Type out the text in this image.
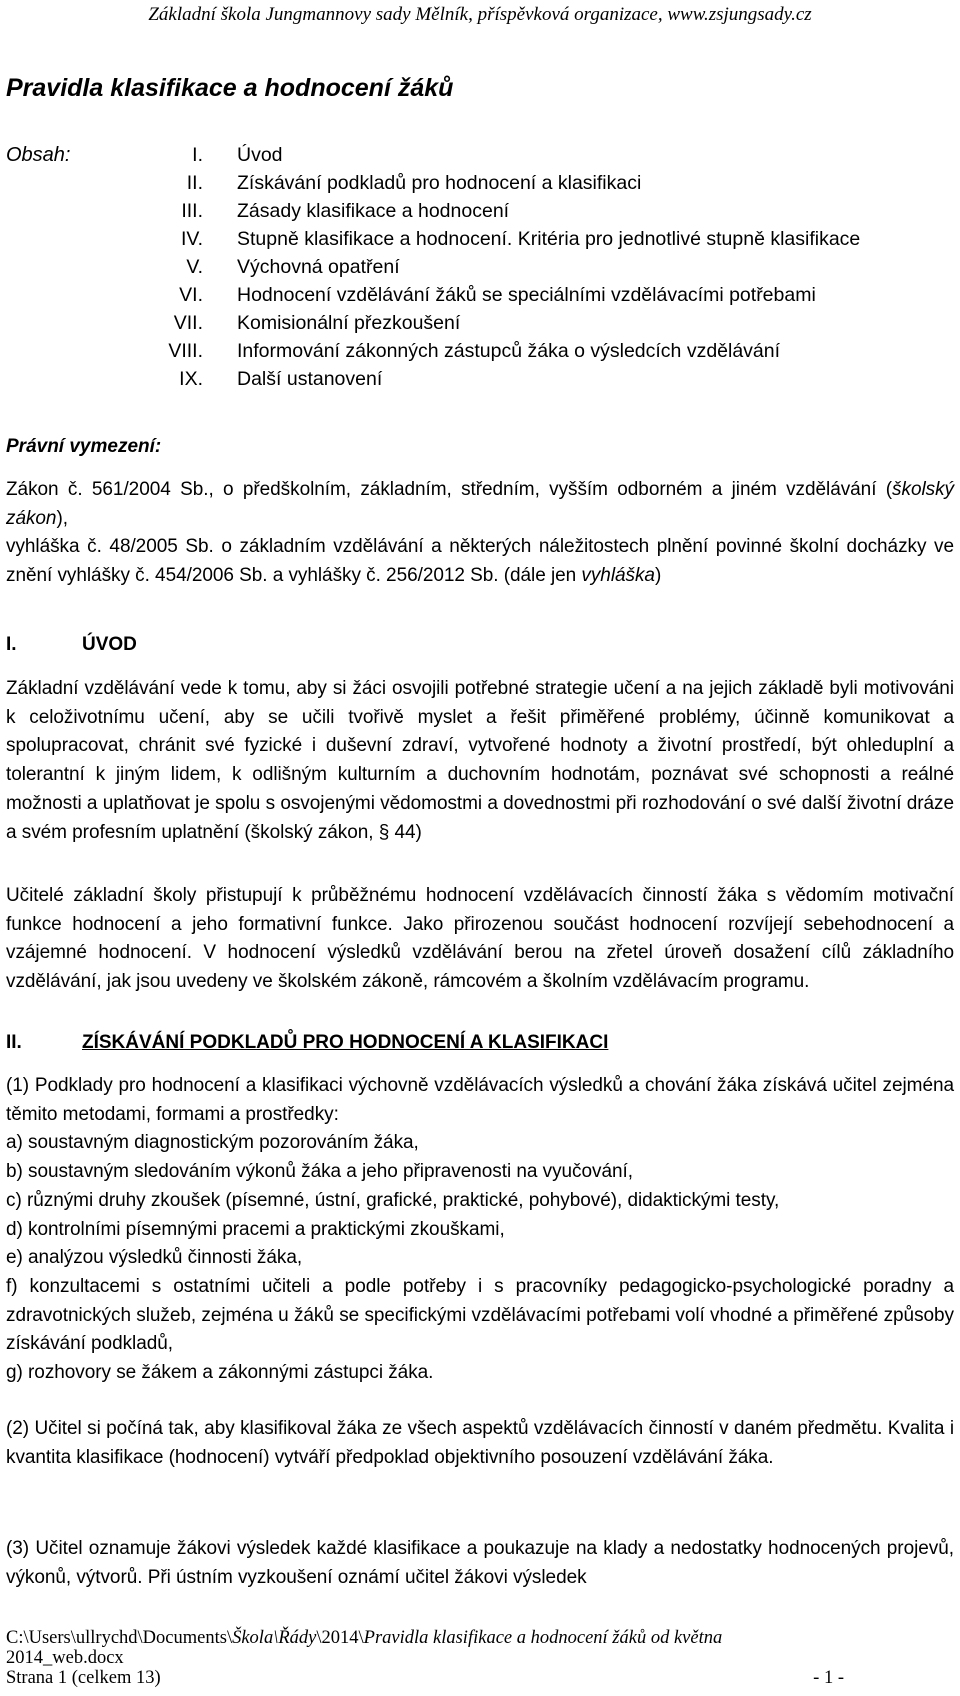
Základní škola Jungmannovy sady Mělník, příspěvková organizace, www.zsjungsady.cz
Pravidla klasifikace a hodnocení žáků
Obsah:	I. Úvod
II. Získávání podkladů pro hodnocení a klasifikaci
III. Zásady klasifikace a hodnocení
IV. Stupně klasifikace a hodnocení. Kritéria pro jednotlivé stupně klasifikace
V. Výchovná opatření
VI. Hodnocení vzdělávání žáků se speciálními vzdělávacími potřebami
VII. Komisionální přezkoušení
VIII. Informování zákonných zástupců žáka o výsledcích vzdělávání
IX. Další ustanovení
Právní vymezení:

Zákon č. 561/2004 Sb., o předškolním, základním, středním, vyšším odborném a jiném vzdělávání (školský zákon),

vyhláška č. 48/2005 Sb. o základním vzdělávání a některých náležitostech plnění povinné školní docházky ve znění vyhlášky č. 454/2006 Sb. a vyhlášky č. 256/2012 Sb. (dále jen vyhláška)

I.	ÚVOD

Základní vzdělávání vede k tomu, aby si žáci osvojili potřebné strategie učení a na jejich základě byli motivováni k celoživotnímu učení, aby se učili tvořivě myslet a řešit přiměřené problémy, účinně komunikovat a spolupracovat, chránit své fyzické i duševní zdraví, vytvořené hodnoty a životní prostředí, být ohleduplní a tolerantní k jiným lidem, k odlišným kulturním a duchovním hodnotám, poznávat své schopnosti a reálné možnosti a uplatňovat je spolu s osvojenými vědomostmi a dovednostmi při rozhodování o své další životní dráze a svém profesním uplatnění (školský zákon, § 44)

Učitelé základní školy přistupují k průběžnému hodnocení vzdělávacích činností žáka s vědomím motivační funkce hodnocení a jeho formativní funkce. Jako přirozenou součást hodnocení rozvíjejí sebehodnocení a vzájemné hodnocení. V hodnocení výsledků vzdělávání berou na zřetel úroveň dosažení cílů základního vzdělávání, jak jsou uvedeny ve školském zákoně, rámcovém a školním vzdělávacím programu.

II.	ZÍSKÁVÁNÍ PODKLADŮ PRO HODNOCENÍ A KLASIFIKACI

(1) Podklady pro hodnocení a klasifikaci výchovně vzdělávacích výsledků a chování žáka získává učitel zejména těmito metodami, formami a prostředky:

a) soustavným diagnostickým pozorováním žáka,

b) soustavným sledováním výkonů žáka a jeho připravenosti na vyučování,

c) různými druhy zkoušek (písemné, ústní, grafické, praktické, pohybové), didaktickými testy,

d) kontrolními písemnými pracemi a praktickými zkouškami,

e) analýzou výsledků činnosti žáka,

f) konzultacemi s ostatními učiteli a podle potřeby i s pracovníky pedagogicko-psychologické poradny a zdravotnických služeb, zejména u žáků se specifickými vzdělávacími potřebami volí vhodné a přiměřené způsoby získávání podkladů,

g) rozhovory se žákem a zákonnými zástupci žáka.

(2) Učitel si počíná tak, aby klasifikoval žáka ze všech aspektů vzdělávacích činností v daném předmětu. Kvalita i kvantita klasifikace (hodnocení) vytváří předpoklad objektivního posouzení vzdělávání žáka.

(3) Učitel oznamuje žákovi výsledek každé klasifikace a poukazuje na klady a nedostatky hodnocených projevů, výkonů, výtvorů. Při ústním vyzkoušení oznámí učitel žákovi výsledek

C:\Users\ullrychd\Documents\Škola\Řády\2014\Pravidla klasifikace a hodnocení žáků od května
2014_web.docx
Strana 1 (celkem 13)	- 1 -
